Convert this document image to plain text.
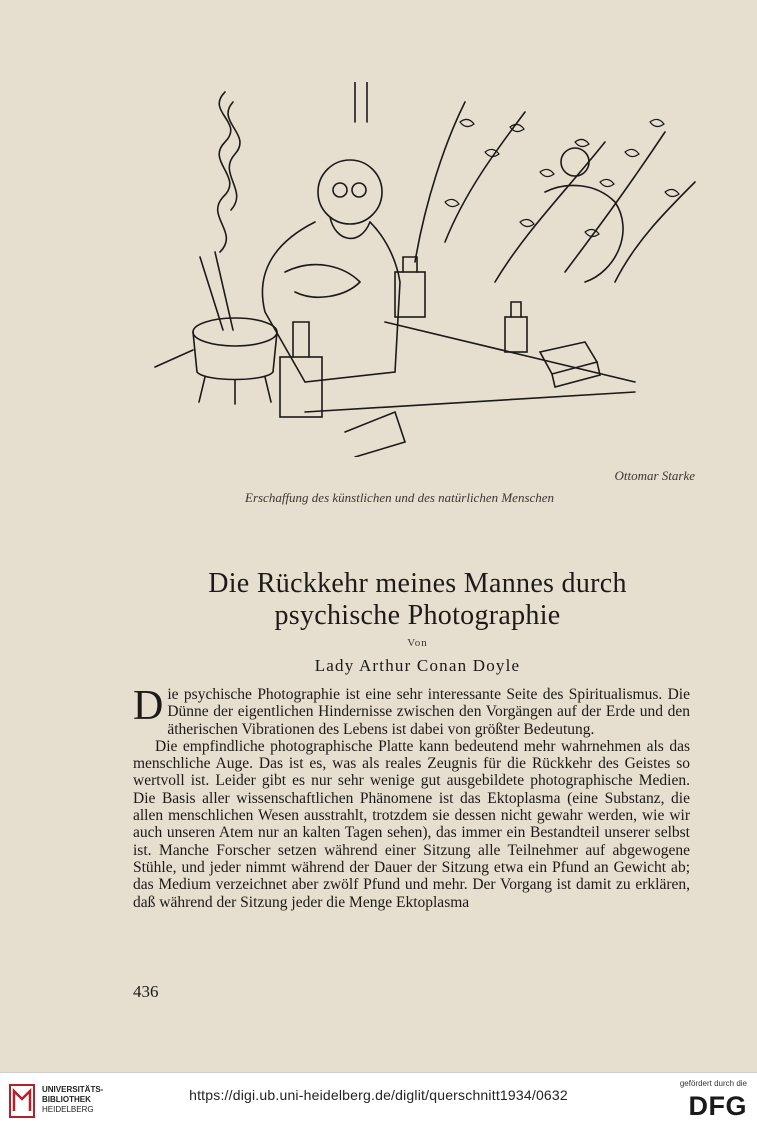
Ottomar Starke
Erschaffung des künstlichen und des natürlichen Menschen
Die Rückkehr meines Mannes durch
psychische Photographie
Von
Lady Arthur Conan Doyle

Die psychische Photographie ist eine sehr interessante Seite des Spiritualismus. Die Dünne der eigentlichen Hindernisse zwischen den Vorgängen auf der Erde und den ätherischen Vibrationen des Lebens ist dabei von größter Bedeutung.

Die empfindliche photographische Platte kann bedeutend mehr wahrnehmen als das menschliche Auge. Das ist es, was als reales Zeugnis für die Rückkehr des Geistes so wertvoll ist. Leider gibt es nur sehr wenige gut ausgebildete photographische Medien. Die Basis aller wissenschaftlichen Phänomene ist das Ektoplasma (eine Substanz, die allen menschlichen Wesen ausstrahlt, trotzdem sie dessen nicht gewahr werden, wie wir auch unseren Atem nur an kalten Tagen sehen), das immer ein Bestandteil unserer selbst ist. Manche Forscher setzen während einer Sitzung alle Teilnehmer auf abgewogene Stühle, und jeder nimmt während der Dauer der Sitzung etwa ein Pfund an Gewicht ab; das Medium verzeichnet aber zwölf Pfund und mehr. Der Vorgang ist damit zu erklären, daß während der Sitzung jeder die Menge Ektoplasma

436
UNIVERSITÄTS-
BIBLIOTHEK
HEIDELBERG
https://digi.ub.uni-heidelberg.de/diglit/querschnitt1934/0632
gefördert durch die
DFG
